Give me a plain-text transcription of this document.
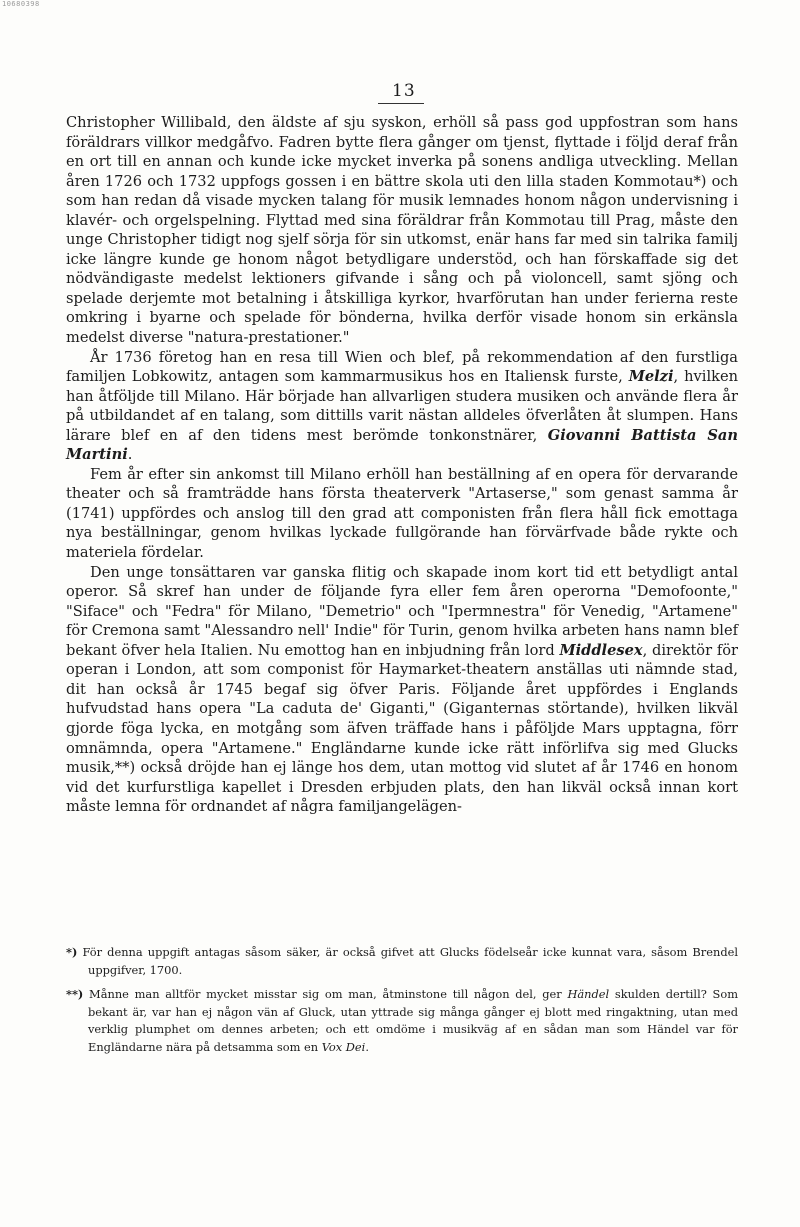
10680398
13

Christopher Willibald, den äldste af sju syskon, erhöll så pass god uppfostran som hans föräldrars villkor medgåfvo. Fadren bytte flera gånger om tjenst, flyttade i följd deraf från en ort till en annan och kunde icke mycket inverka på sonens andliga utveckling. Mellan åren 1726 och 1732 uppfogs gossen i en bättre skola uti den lilla staden Kommotau*) och som han redan då visade mycken talang för musik lemnades honom någon undervisning i klavér- och orgelspelning. Flyttad med sina föräldrar från Kommotau till Prag, måste den unge Christopher tidigt nog sjelf sörja för sin utkomst, enär hans far med sin talrika familj icke längre kunde ge honom något betydligare understöd, och han förskaffade sig det nödvändigaste medelst lektioners gifvande i sång och på violoncell, samt sjöng och spelade derjemte mot betalning i åtskilliga kyrkor, hvarförutan han under ferierna reste omkring i byarne och spelade för bönderna, hvilka derför visade honom sin erkänsla medelst diverse "natura-prestationer."

År 1736 företog han en resa till Wien och blef, på rekommendation af den furstliga familjen Lobkowitz, antagen som kammarmusikus hos en Italiensk furste, Melzi, hvilken han åtföljde till Milano. Här började han allvarligen studera musiken och använde flera år på utbildandet af en talang, som dittills varit nästan alldeles öfverlåten åt slumpen. Hans lärare blef en af den tidens mest berömde tonkonstnärer, Giovanni Battista San Martini.

Fem år efter sin ankomst till Milano erhöll han beställning af en opera för dervarande theater och så framträdde hans första theaterverk "Artaserse," som genast samma år (1741) uppfördes och anslog till den grad att componisten från flera håll fick emottaga nya beställningar, genom hvilkas lyckade fullgörande han förvärfvade både rykte och materiela fördelar.

Den unge tonsättaren var ganska flitig och skapade inom kort tid ett betydligt antal operor. Så skref han under de följande fyra eller fem åren operorna "Demofoonte," "Siface" och "Fedra" för Milano, "Demetrio" och "Ipermnestra" för Venedig, "Artamene" för Cremona samt "Alessandro nell' Indie" för Turin, genom hvilka arbeten hans namn blef bekant öfver hela Italien. Nu emottog han en inbjudning från lord Middlesex, direktör för operan i London, att som componist för Haymarket-theatern anställas uti nämnde stad, dit han också år 1745 begaf sig öfver Paris. Följande året uppfördes i Englands hufvudstad hans opera "La caduta de' Giganti," (Giganternas störtande), hvilken likväl gjorde föga lycka, en motgång som äfven träffade hans i påföljde Mars upptagna, förr omnämnda, opera "Artamene." Engländarne kunde icke rätt införlifva sig med Glucks musik,**) också dröjde han ej länge hos dem, utan mottog vid slutet af år 1746 en honom vid det kurfurstliga kapellet i Dresden erbjuden plats, den han likväl också innan kort måste lemna för ordnandet af några familjangelägen-

*) För denna uppgift antagas såsom säker, är också gifvet att Glucks födelseår icke kunnat vara, såsom Brendel uppgifver, 1700.

**) Månne man alltför mycket misstar sig om man, åtminstone till någon del, ger Händel skulden dertill? Som bekant är, var han ej någon vän af Gluck, utan yttrade sig många gånger ej blott med ringaktning, utan med verklig plumphet om dennes arbeten; och ett omdöme i musikväg af en sådan man som Händel var för Engländarne nära på detsamma som en Vox Dei.
